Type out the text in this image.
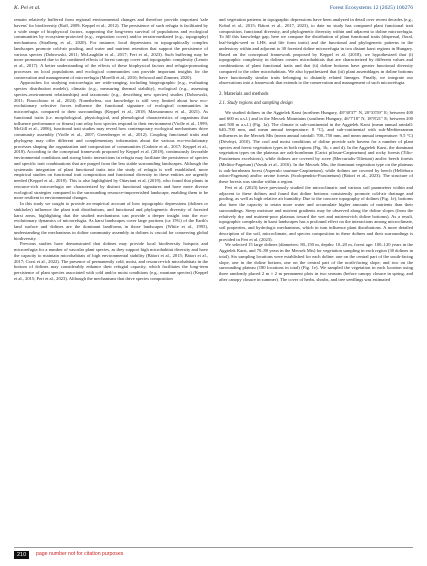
K. Pei et al.	Forest Ecosystems 12 (2025) 100276

remain relatively buffered from regional environmental changes and therefore provide important 'safe havens' for biodiversity (Raff, 2009; Keppel et al., 2012). The persistence of such refugia is facilitated by a wide range of biophysical factors, supporting the long-term survival of populations and ecological communities by ecosystem-protected (e.g., vegetation cover) and/or terrain-mediated (e.g., topography) mechanisms (Stralberg et al., 2020). For instance, local depressions in topographically complex landscapes promote cold-air pooling, and water and nutrient retention that support the persistence of various species (Dobrowski, 2011; McLaughlin et al., 2017; Feri et al., 2023). Such buffering may be more pronounced due to the combined effects of forest canopy cover and topographic complexity (Lenoir et al., 2017). A better understanding of the effects of these biophysical factors and refugia-promoting processes on local populations and ecological communities can provide important insights for the conservation and management of microrefugia (Morelli et al., 2016; Selwood and Zimmer, 2020).

Approaches for studying microrefugia are wide-ranging, including biogeographic (e.g., evaluating species distribution models), climatic (e.g., measuring thermal stability), ecological (e.g., assessing species–environment relationships) and taxonomic (e.g., describing new species) studies (Dobrowski, 2011; Finocchiaro et al., 2024). Nonetheless, our knowledge is still very limited about how eco-evolutionary selective forces influence the functional signature of ecological communities in microrefugia, compared to their surroundings (Keppel et al., 2018; Marsoumnou et al., 2021). As functional traits (i.e. morphological, physiological, and phenological characteristics of organisms that influence performance or fitness) can relay how species respond to their environment (Violle et al., 1999; McGill et al., 2006), functional trait studies may reveal how contemporary ecological mechanisms drive community assembly (Violle et al., 2007; Greenberger et al., 2012). Coupling functional traits and phylogeny may offer different and complementary information about the various eco-evolutionary processes shaping the organization and composition of communities (Cadotte et al., 2017; Keppel et al., 2018). According to the conceptual framework proposed by Keppel et al. (2018), continuously favorable environmental conditions and strong biotic interactions in refugia may facilitate the persistence of species and specific trait combinations that are purged from the less stable surrounding landscapes. Although the systematic integration of plant functional traits into the study of refugia is well established, more empirical studies on functional trait composition and functional diversity in these entities are urgently needed (Keppel et al., 2018). This is also highlighted by Ottaviani et al. (2019), who found that plants in resource-rich microrefugia are characterized by distinct functional signatures and have more diverse ecological strategies compared to the surrounding resource-impoverished landscape, enabling them to be more resilient to environmental changes.

In this study we sought to provide an empirical account of how topographic depressions (dolines or sinkholes) influence the plant trait distributions, and functional and phylogenetic diversity of forested karst areas, highlighting that the studied mechanisms can provide a deeper insight into the eco-evolutionary dynamics of microrefugia. As karst landscapes cover large portions (ca 15%) of the Earth's land surface and dolines are the dominant landforms in those landscapes (White et al., 1995), understanding the mechanisms in doline community assembly in dolines is crucial for conserving global biodiversity.

Previous studies have demonstrated that dolines may provide local biodiversity hotspots and microrefugia for a number of vascular plant species, as they support high microhabitat diversity and have the capacity to maintain microhabitats of high environmental stability (Bátori et al., 2015; Bátori et al., 2017; Corsi et al., 2022). The presence of permanently cold, moist, and resource-rich microhabitats in the bottom of dolines may considerably enhance their refugial capacity, which facilitates the long-term persistence of plant species associated with cold and/or moist conditions (e.g., montane species) (Keppel et al., 2015; Feri et al., 2023). Although the mechanisms that drive species composition

and vegetation patterns in topographic depressions have been analyzed in detail over recent decades (e.g., Kobal et al., 2015; Bátori et al., 2017, 2023), to date no study has compared plant functional trait composition, functional diversity, and phylogenetic diversity within and adjacent to doline microrefugia. To fill this knowledge gap, here we compare the distribution of plant functional traits (dispersal, floral, leaf-height-seed or LHS, and life form traits) and the functional and phylogenetic patterns in the understory within and adjacent to 30 forested doline microrefugia in two distant karst regions in Hungary. Based on the conceptual framework proposed by Keppel et al. (2018), we hypothesized that (i) topographic complexity in dolines creates microhabitats that are characterized by different values and combinations of plant functional traits and that (ii) doline bottoms have greater functional diversity compared to the other microhabitats. We also hypothesized that (iii) plant assemblages in doline bottoms have functionally similar traits belonging to distantly related lineages. Finally, we integrate our observations into a framework that extends to the conservation and management of such microrefugia.

2. Materials and methods
2.1. Study regions and sampling design

We studied dolines in the Aggtelek Karst (northern Hungary, 48°30'37" N, 20°33'59" E; between 400 and 600 m a.s.l.) and in the Mecsek Mountains (southern Hungary, 46°7'18" N, 18°8'21" E; between 200 and 500 m a.s.l.) (Fig. 1a). The climate is sub-continental in the Aggtelek Karst (mean annual rainfall: 640–700 mm, and mean annual temperature: 8 °C), and sub-continental with sub-Mediterranean influences in the Mecsek Mts (mean annual rainfall: 700–750 mm, and mean annual temperature: 9.5 °C) (Dövényi, 2010). The cool and moist conditions of doline provide safe havens for a number of plant species and forest vegetation types in both regions (Fig. 1b, c and d). In the Aggtelek Karst, the dominant vegetation types on the plateaus are oak-hornbeam (Carici pilosae-Carpinetum) and rocky forests (Tilio-Fraxinetum excelsioris), while dolines are covered by scree (Mercurialis-Tilietum) and/or beech forests (Melitto-Fagetum) (Varsik et al., 2016). In the Mecsek Mts, the dominant vegetation type on the plateaus is oak-hornbeam forest (Asperulo taurinae-Carpinetum), while dolines are covered by beech (Helleboro odoro-Fagetum) and/or ravine forests (Scolopendrio-Fraxinetum) (Bátori et al., 2023). The structure of these forests was similar within a region.

Feri et al. (2023) have previously studied the microclimatic and various soil parameters within and adjacent to these dolines and found that doline bottoms consistently promote cold-air drainage and pooling, as well as high relative air humidity. Due to the concave topography of dolines (Fig. 1e), bottoms also have the capacity to retain more water and accumulate higher amounts of nutrients than their surroundings. Steep moisture and nutrient gradients may be observed along the doline slopes (from the relatively dry and nutrient-poor plateaus toward the wet and nutrient-rich doline bottoms). As a result, topographic complexity in karst landscapes has a profound effect on the interactions among microclimate, soil properties, and hydrologic mechanisms, which in turn influence plant distributions. A more detailed description of the soil, microclimate, and species composition in these dolines and their surroundings is provided in Feri et al. (2023).

We selected 15 large dolines (diameters: 80–150 m, depths: 10–20 m, forest age: 100–120 years in the Aggtelek Karst, and 70–80 years in the Mecsek Mts) for vegetation sampling in each region (30 dolines in total). Six sampling locations were established for each doline: one on the central part of the south-facing slope, one in the doline bottom, one on the central part of the north-facing slope, and two on the surrounding plateau (180 locations in total) (Fig. 1e). We sampled the vegetation in each location using three randomly placed 2 m × 2 m permanent plots in two seasons (before canopy closure in spring, and after canopy closure in summer). The cover of herbs, shrubs, and tree seedlings was estimated

210	page number not for citation purposes
